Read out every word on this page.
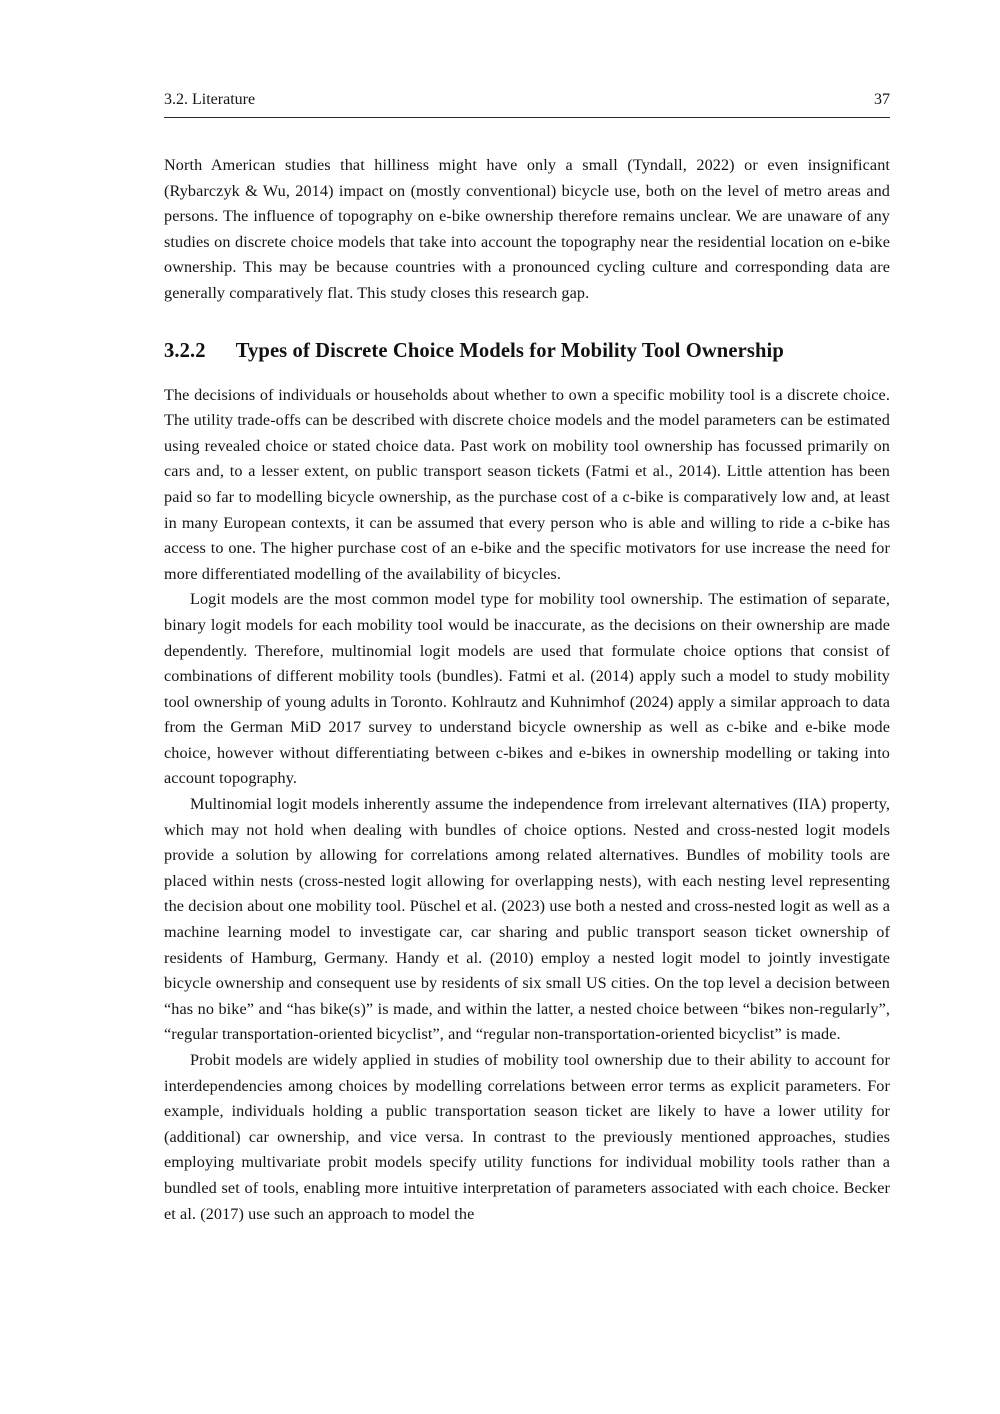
3.2. Literature	37

North American studies that hilliness might have only a small (Tyndall, 2022) or even insignificant (Rybarczyk & Wu, 2014) impact on (mostly conventional) bicycle use, both on the level of metro areas and persons. The influence of topography on e-bike ownership therefore remains unclear. We are unaware of any studies on discrete choice models that take into account the topography near the residential location on e-bike ownership. This may be because countries with a pronounced cycling culture and corresponding data are generally comparatively flat. This study closes this research gap.

3.2.2 Types of Discrete Choice Models for Mobility Tool Ownership

The decisions of individuals or households about whether to own a specific mobility tool is a discrete choice. The utility trade-offs can be described with discrete choice models and the model parameters can be estimated using revealed choice or stated choice data. Past work on mobility tool ownership has focussed primarily on cars and, to a lesser extent, on public transport season tickets (Fatmi et al., 2014). Little attention has been paid so far to modelling bicycle ownership, as the purchase cost of a c-bike is comparatively low and, at least in many European contexts, it can be assumed that every person who is able and willing to ride a c-bike has access to one. The higher purchase cost of an e-bike and the specific motivators for use increase the need for more differentiated modelling of the availability of bicycles.

Logit models are the most common model type for mobility tool ownership. The estimation of separate, binary logit models for each mobility tool would be inaccurate, as the decisions on their ownership are made dependently. Therefore, multinomial logit models are used that formulate choice options that consist of combinations of different mobility tools (bundles). Fatmi et al. (2014) apply such a model to study mobility tool ownership of young adults in Toronto. Kohlrautz and Kuhnimhof (2024) apply a similar approach to data from the German MiD 2017 survey to understand bicycle ownership as well as c-bike and e-bike mode choice, however without differentiating between c-bikes and e-bikes in ownership modelling or taking into account topography.

Multinomial logit models inherently assume the independence from irrelevant alternatives (IIA) property, which may not hold when dealing with bundles of choice options. Nested and cross-nested logit models provide a solution by allowing for correlations among related alternatives. Bundles of mobility tools are placed within nests (cross-nested logit allowing for overlapping nests), with each nesting level representing the decision about one mobility tool. Püschel et al. (2023) use both a nested and cross-nested logit as well as a machine learning model to investigate car, car sharing and public transport season ticket ownership of residents of Hamburg, Germany. Handy et al. (2010) employ a nested logit model to jointly investigate bicycle ownership and consequent use by residents of six small US cities. On the top level a decision between “has no bike” and “has bike(s)” is made, and within the latter, a nested choice between “bikes non-regularly”, “regular transportation-oriented bicyclist”, and “regular non-transportation-oriented bicyclist” is made.

Probit models are widely applied in studies of mobility tool ownership due to their ability to account for interdependencies among choices by modelling correlations between error terms as explicit parameters. For example, individuals holding a public transportation season ticket are likely to have a lower utility for (additional) car ownership, and vice versa. In contrast to the previously mentioned approaches, studies employing multivariate probit models specify utility functions for individual mobility tools rather than a bundled set of tools, enabling more intuitive interpretation of parameters associated with each choice. Becker et al. (2017) use such an approach to model the
